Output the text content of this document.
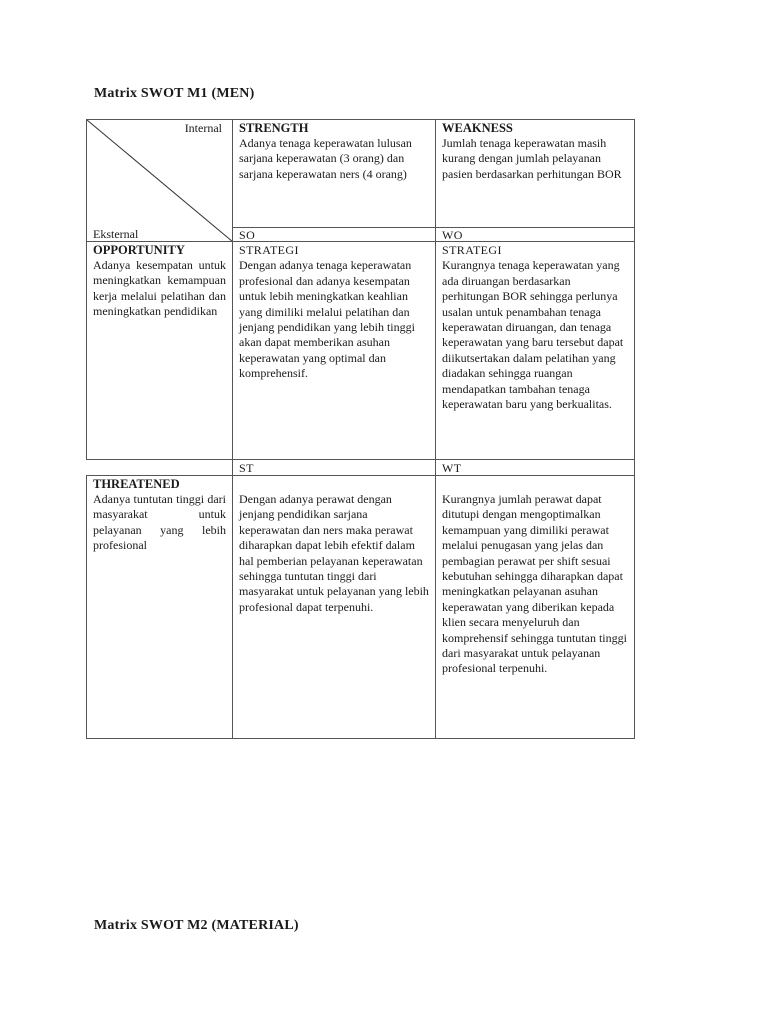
Matrix SWOT M1 (MEN)
Internal
Eksternal
STRENGTH
Adanya tenaga keperawatan lulusan sarjana keperawatan (3 orang) dan sarjana keperawatan ners (4 orang)
WEAKNESS
Jumlah tenaga keperawatan masih kurang dengan jumlah pelayanan pasien berdasarkan perhitungan BOR
SO	WO
OPPORTUNITY
Adanya kesempatan untuk meningkatkan kemampuan kerja melalui pelatihan dan meningkatkan pendidikan
STRATEGI
Dengan adanya tenaga keperawatan profesional dan adanya kesempatan untuk lebih meningkatkan keahlian yang dimiliki melalui pelatihan dan jenjang pendidikan yang lebih tinggi akan dapat memberikan asuhan keperawatan yang optimal dan komprehensif.
STRATEGI
Kurangnya tenaga keperawatan yang ada diruangan berdasarkan perhitungan BOR sehingga perlunya usalan untuk penambahan tenaga keperawatan diruangan, dan tenaga keperawatan yang baru tersebut dapat diikutsertakan dalam pelatihan yang diadakan sehingga ruangan mendapatkan tambahan tenaga keperawatan baru yang berkualitas.
ST	WT
THREATENED
Adanya tuntutan tinggi dari masyarakat untuk pelayanan yang lebih profesional
Dengan adanya perawat dengan jenjang pendidikan sarjana keperawatan dan ners maka perawat diharapkan dapat lebih efektif dalam hal pemberian pelayanan keperawatan sehingga tuntutan tinggi dari masyarakat untuk pelayanan yang lebih profesional dapat terpenuhi.
Kurangnya jumlah perawat dapat ditutupi dengan mengoptimalkan kemampuan yang dimiliki perawat melalui penugasan yang jelas dan pembagian perawat per shift sesuai kebutuhan sehingga diharapkan dapat meningkatkan pelayanan asuhan keperawatan yang diberikan kepada klien secara menyeluruh dan komprehensif sehingga tuntutan tinggi dari masyarakat untuk pelayanan profesional terpenuhi.
Matrix SWOT M2 (MATERIAL)
